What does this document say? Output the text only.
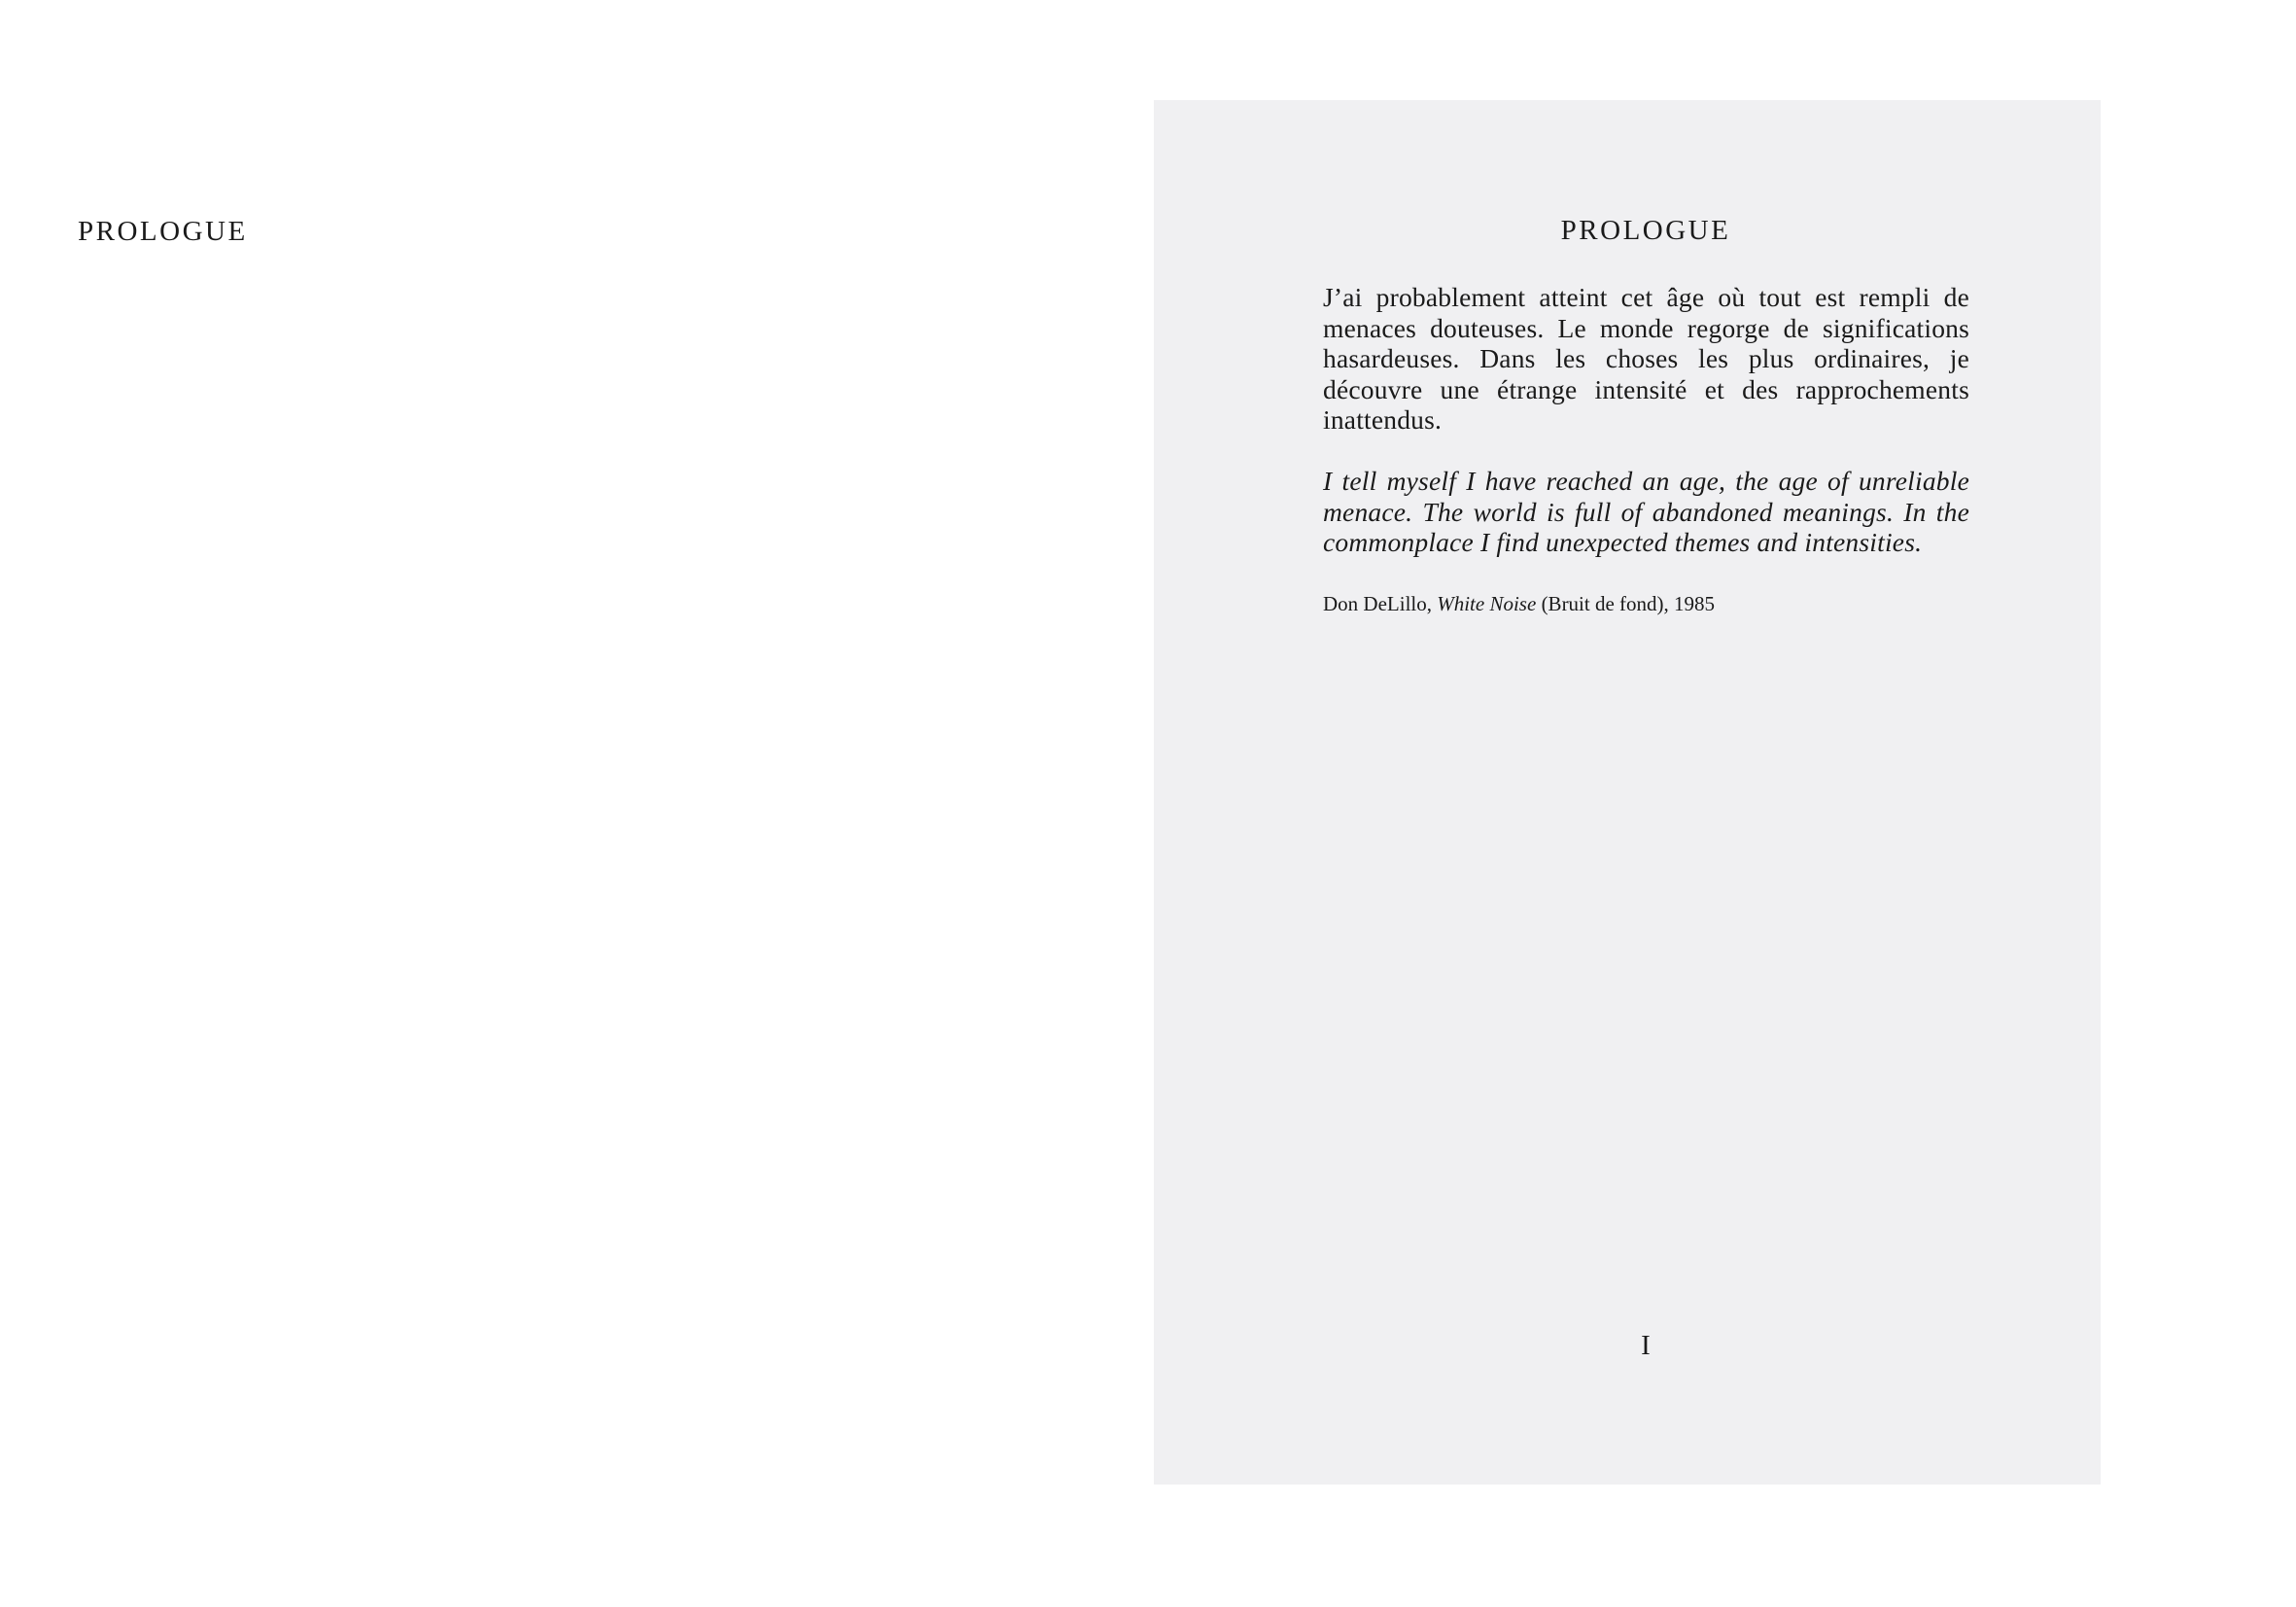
PROLOGUE	PROLOGUE

J’ai probablement atteint cet âge où tout est rempli de menaces douteuses. Le monde regorge de significations hasardeuses. Dans les choses les plus ordinaires, je découvre une étrange intensité et des rapprochements inattendus.

I tell myself I have reached an age, the age of unreliable menace. The world is full of abandoned meanings. In the commonplace I find unexpected themes and intensities.

Don DeLillo, White Noise (Bruit de fond), 1985

I
